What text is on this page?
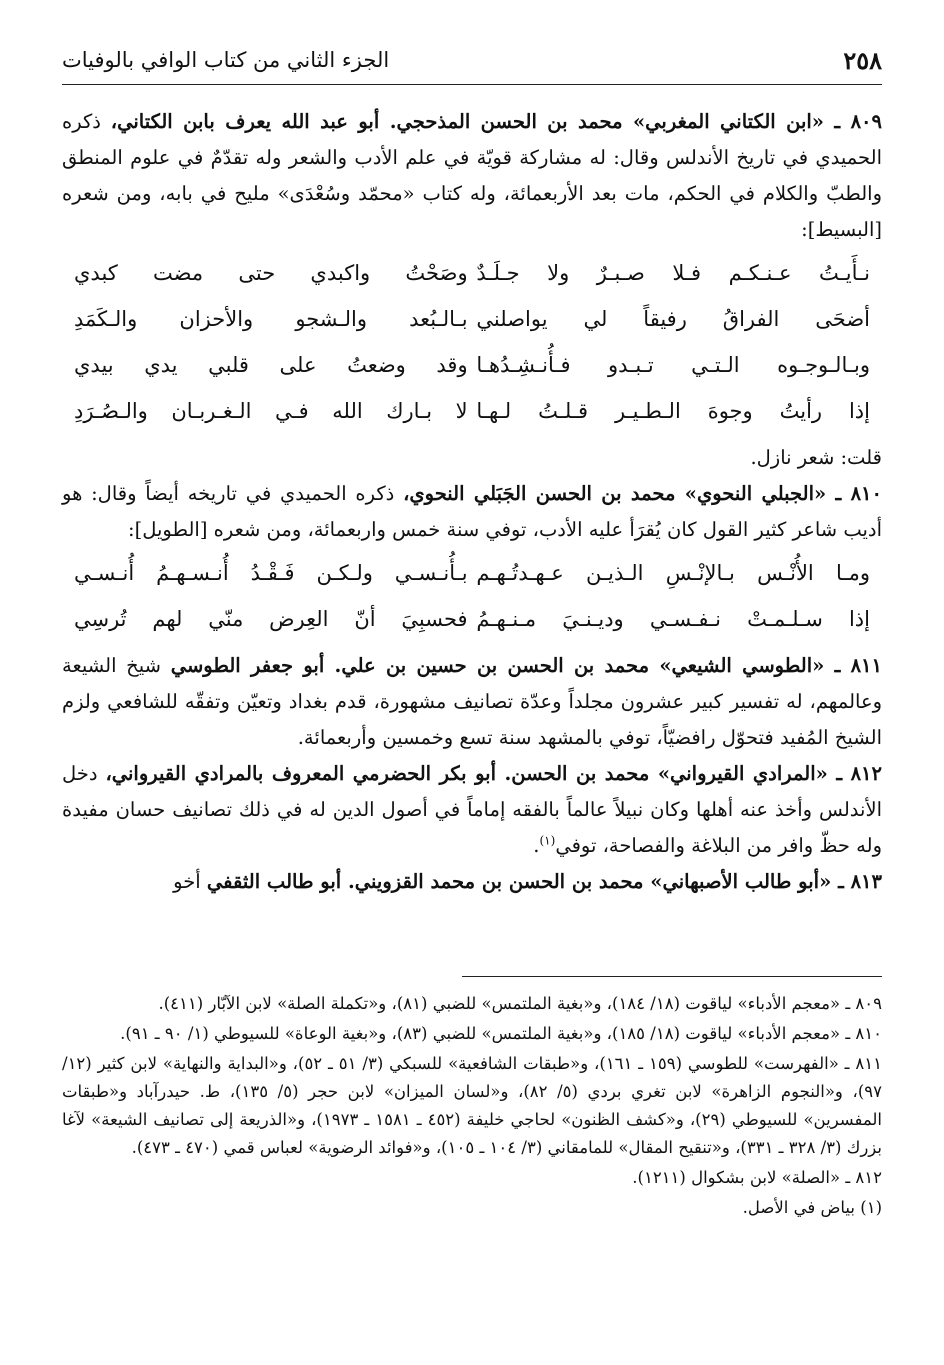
٢٥٨
الجزء الثاني من كتاب الوافي بالوفيات

٨٠٩ ـ «ابن الكتاني المغربي» محمد بن الحسن المذحجي. أبو عبد الله يعرف بابن الكتاني، ذكره الحميدي في تاريخ الأندلس وقال: له مشاركة قويّة في علم الأدب والشعر وله تقدّمٌ في علوم المنطق والطبّ والكلام في الحكم، مات بعد الأربعمائة، وله كتاب «محمّد وسُعْدَى» مليح في بابه، ومن شعره [البسيط]:

نـأَيـتُ عـنـكـم فـلا صـبـرٌ ولا جـلَـدٌ
وصَحْتُ واكبدي حتى مضت كبدي
أضحَى الفراقُ رفيقاً لي يواصلني
بـالـبُعد والـشجو والأحزان والـكَمَدِ
وبـالـوجـوه الـتـي تـبـدو فـأُنـشِـدُهـا
وقد وضعتُ على قلبي يدي بيدي
إذا رأيتُ وجوهَ الـطـيـر قـلـتُ لـهـا
لا بـارك الله فـي الـغـربـان والـصُـرَدِ

قلت: شعر نازل.

٨١٠ ـ «الجبلي النحوي» محمد بن الحسن الجَبَلي النحوي، ذكره الحميدي في تاريخه أيضاً وقال: هو أديب شاعر كثير القول كان يُقرَأ عليه الأدب، توفي سنة خمس واربعمائة، ومن شعره [الطويل]:

ومـا الأُنْـس بـالإنْـسِ الـذيـن عـهـدتُـهـم
بـأُنـسـي ولـكـن فَـقْـدُ أُنـسـهـمُ أُنـسـي
إذا سـلـمـتْ نـفـسـي وديـنـيَ مـنـهـمُ
فحسبِيَ أنّ العِرض منّي لهم تُرسِي

٨١١ ـ «الطوسي الشيعي» محمد بن الحسن بن حسين بن علي. أبو جعفر الطوسي شيخ الشيعة وعالمهم، له تفسير كبير عشرون مجلداً وعدّة تصانيف مشهورة، قدم بغداد وتعيّن وتفقّه للشافعي ولزم الشيخ المُفيد فتحوّل رافضيّاً، توفي بالمشهد سنة تسع وخمسين وأربعمائة.

٨١٢ ـ «المرادي القيرواني» محمد بن الحسن. أبو بكر الحضرمي المعروف بالمرادي القيرواني، دخل الأندلس وأخذ عنه أهلها وكان نبيلاً عالماً بالفقه إماماً في أصول الدين له في ذلك تصانيف حسان مفيدة وله حظّ وافر من البلاغة والفصاحة، توفي$^{(١)}$.

٨١٣ ـ «أبو طالب الأصبهاني» محمد بن الحسن بن محمد القزويني. أبو طالب الثقفي أخو

٨٠٩ ـ «معجم الأدباء» لياقوت (١٨/ ١٨٤)، و«بغية الملتمس» للضبي (٨١)، و«تكملة الصلة» لابن الآبّار (٤١١).

٨١٠ ـ «معجم الأدباء» لياقوت (١٨/ ١٨٥)، و«بغية الملتمس» للضبي (٨٣)، و«بغية الوعاة» للسيوطي (١/ ٩٠ ـ ٩١).

٨١١ ـ «الفهرست» للطوسي (١٥٩ ـ ١٦١)، و«طبقات الشافعية» للسبكي (٣/ ٥١ ـ ٥٢)، و«البداية والنهاية» لابن كثير (١٢/ ٩٧)، و«النجوم الزاهرة» لابن تغري بردي (٥/ ٨٢)، و«لسان الميزان» لابن حجر (٥/ ١٣٥)، ط. حيدرآباد و«طبقات المفسرين» للسيوطي (٢٩)، و«كشف الظنون» لحاجي خليفة (٤٥٢ ـ ١٥٨١ ـ ١٩٧٣)، و«الذريعة إلى تصانيف الشيعة» لآغا بزرك (٣/ ٣٢٨ ـ ٣٣١)، و«تنقيح المقال» للمامقاني (٣/ ١٠٤ ـ ١٠٥)، و«فوائد الرضوية» لعباس قمي (٤٧٠ ـ ٤٧٣).

٨١٢ ـ «الصلة» لابن بشكوال (١٢١١).

(١) بياض في الأصل.
